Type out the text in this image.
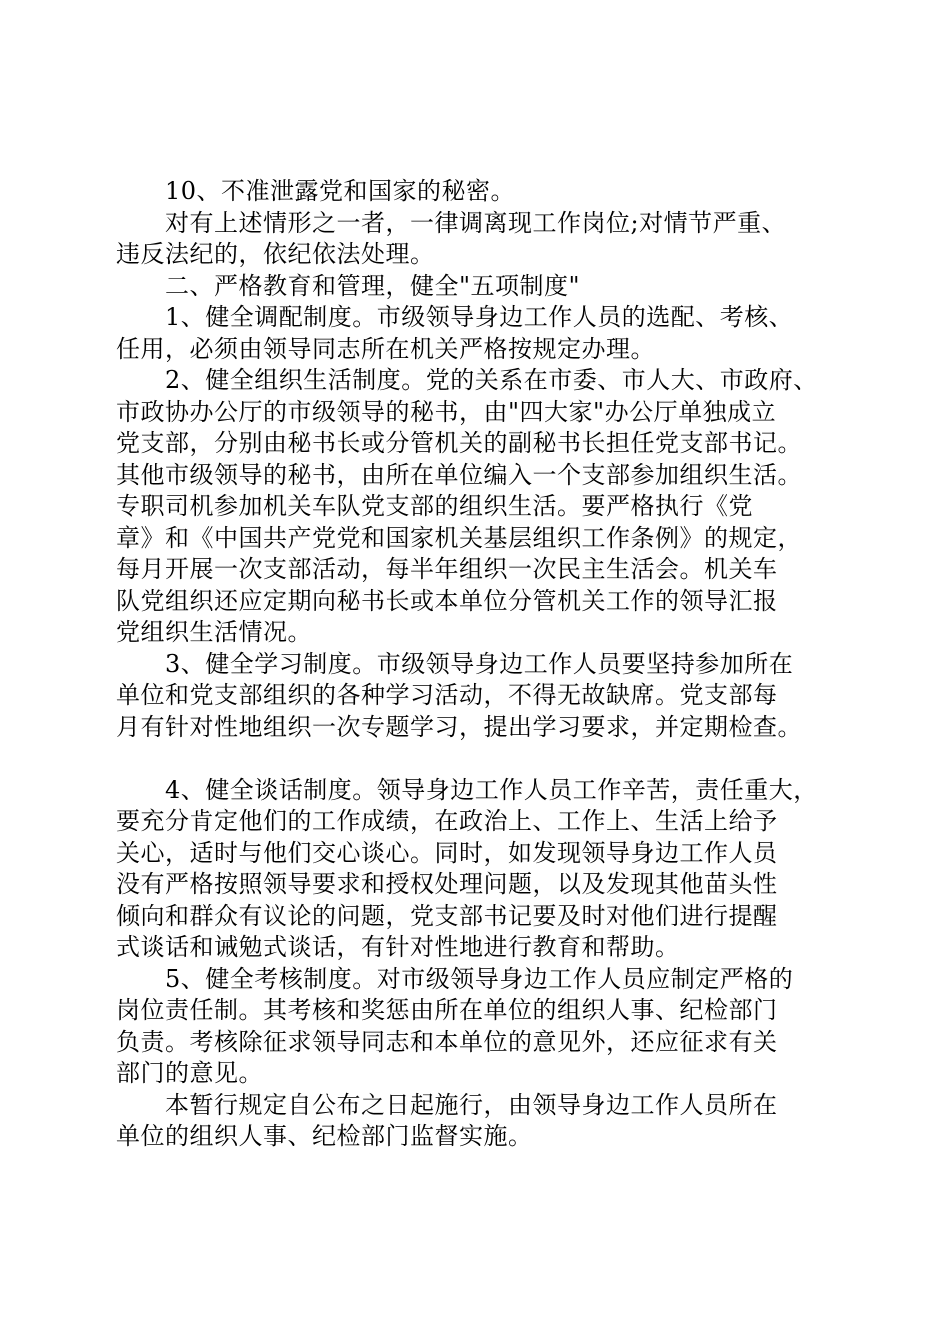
　　10、不准泄露党和国家的秘密。
　　对有上述情形之一者，一律调离现工作岗位;对情节严重、
违反法纪的，依纪依法处理。
　　二、严格教育和管理，健全"五项制度"
　　1、健全调配制度。市级领导身边工作人员的选配、考核、
任用，必须由领导同志所在机关严格按规定办理。
　　2、健全组织生活制度。党的关系在市委、市人大、市政府、
市政协办公厅的市级领导的秘书，由"四大家"办公厅单独成立
党支部，分别由秘书长或分管机关的副秘书长担任党支部书记。
其他市级领导的秘书，由所在单位编入一个支部参加组织生活。
专职司机参加机关车队党支部的组织生活。要严格执行《党
章》和《中国共产党党和国家机关基层组织工作条例》的规定，
每月开展一次支部活动，每半年组织一次民主生活会。机关车
队党组织还应定期向秘书长或本单位分管机关工作的领导汇报
党组织生活情况。
　　3、健全学习制度。市级领导身边工作人员要坚持参加所在
单位和党支部组织的各种学习活动，不得无故缺席。党支部每
月有针对性地组织一次专题学习，提出学习要求，并定期检查。
　　4、健全谈话制度。领导身边工作人员工作辛苦，责任重大，
要充分肯定他们的工作成绩，在政治上、工作上、生活上给予
关心，适时与他们交心谈心。同时，如发现领导身边工作人员
没有严格按照领导要求和授权处理问题，以及发现其他苗头性
倾向和群众有议论的问题，党支部书记要及时对他们进行提醒
式谈话和诫勉式谈话，有针对性地进行教育和帮助。
　　5、健全考核制度。对市级领导身边工作人员应制定严格的
岗位责任制。其考核和奖惩由所在单位的组织人事、纪检部门
负责。考核除征求领导同志和本单位的意见外，还应征求有关
部门的意见。
　　本暂行规定自公布之日起施行，由领导身边工作人员所在
单位的组织人事、纪检部门监督实施。
